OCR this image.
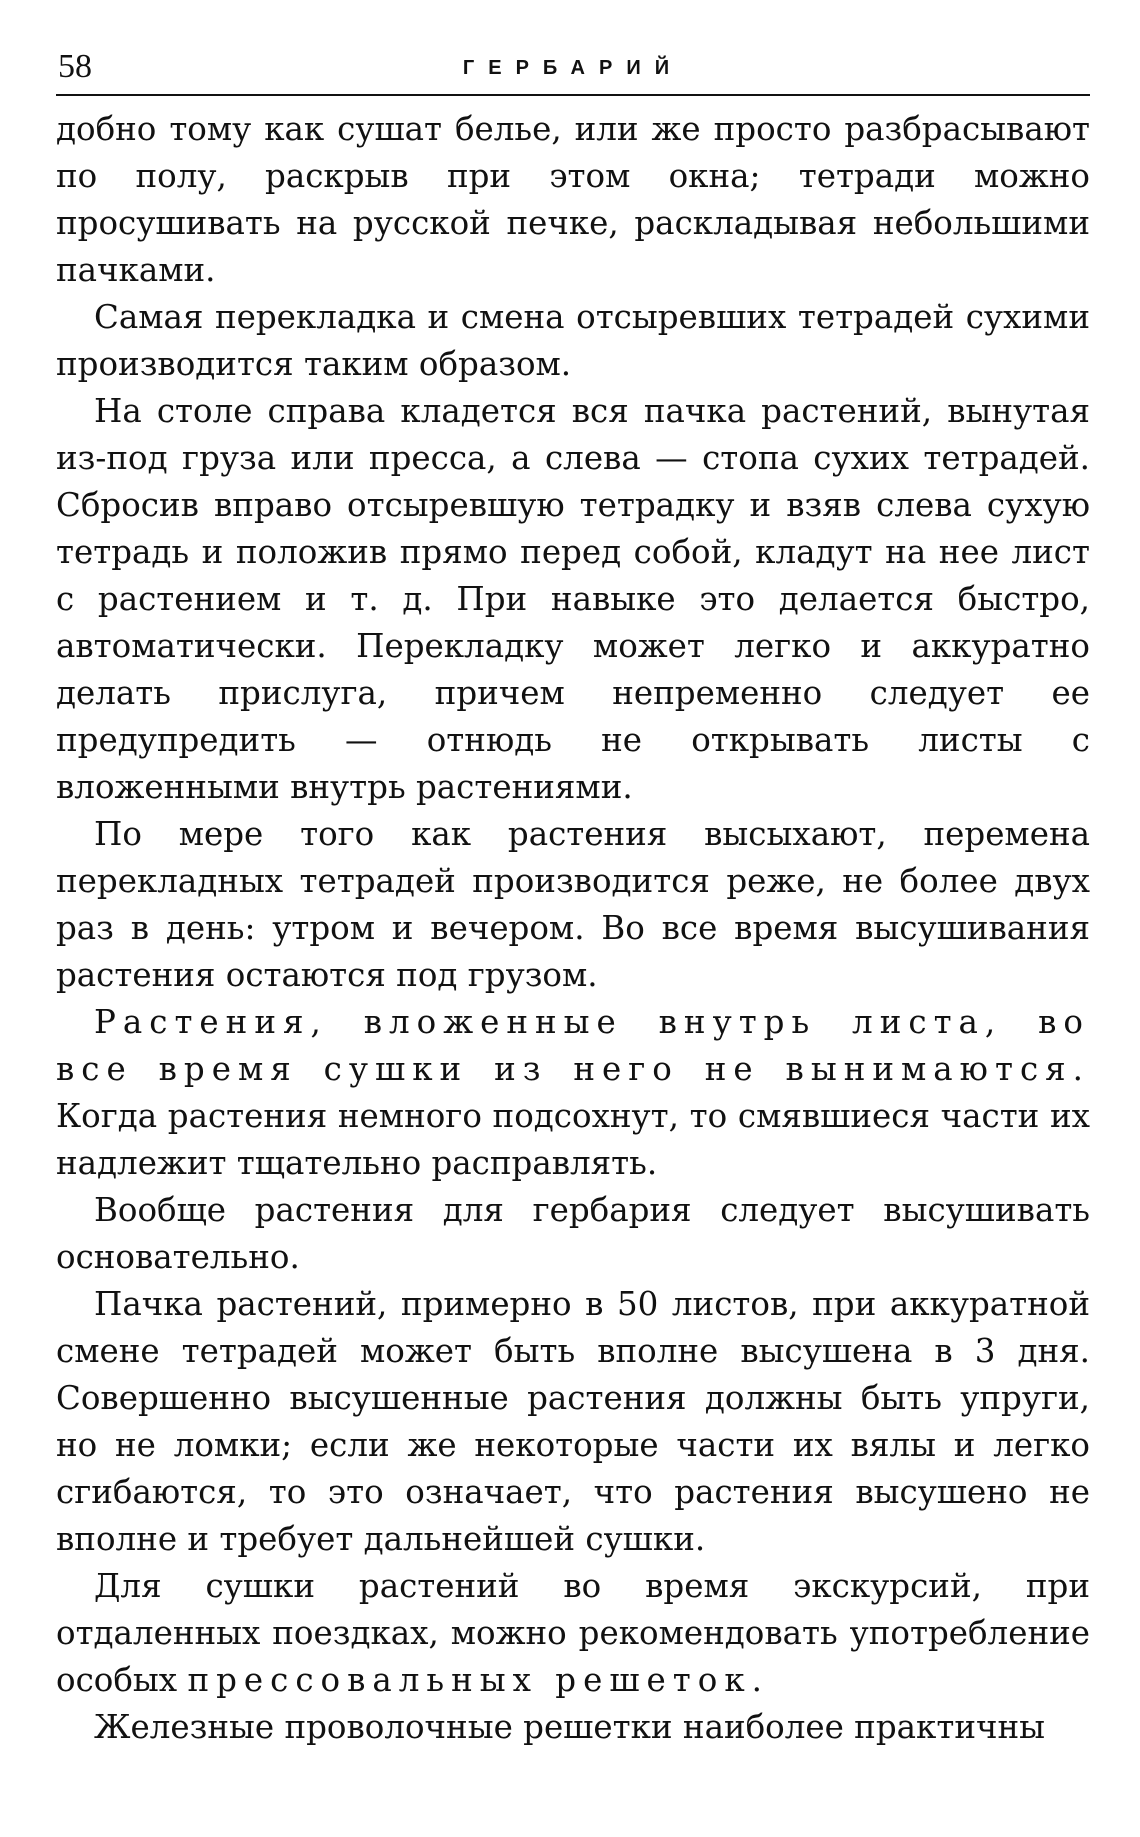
58	ГЕРБАРИЙ

добно тому как сушат белье, или же просто разбрасывают по полу, раскрыв при этом окна; тетради можно просушивать на русской печке, раскладывая небольшими пачками.

Самая перекладка и смена отсыревших тетрадей сухими производится таким образом.

На столе справа кладется вся пачка растений, вынутая из-под груза или пресса, а слева — стопа сухих тетрадей. Сбросив вправо отсыревшую тетрадку и взяв слева сухую тетрадь и положив прямо перед собой, кладут на нее лист с растением и т. д. При навыке это делается быстро, автоматически. Перекладку может легко и аккуратно делать прислуга, причем непременно следует ее предупредить — отнюдь не открывать листы с вложенными внутрь растениями.

По мере того как растения высыхают, перемена перекладных тетрадей производится реже, не более двух раз в день: утром и вечером. Во все время высушивания растения остаются под грузом.

Растения, вложенные внутрь листа, во все время сушки из него не вынимаются. Когда растения немного подсохнут, то смявшиеся части их надлежит тщательно расправлять.

Вообще растения для гербария следует высушивать основательно.

Пачка растений, примерно в 50 листов, при аккуратной смене тетрадей может быть вполне высушена в 3 дня. Совершенно высушенные растения должны быть упруги, но не ломки; если же некоторые части их вялы и легко сгибаются, то это означает, что растения высушено не вполне и требует дальнейшей сушки.

Для сушки растений во время экскурсий, при отдаленных поездках, можно рекомендовать употребление особых прессовальных решеток.

Железные проволочные решетки наиболее практичны
